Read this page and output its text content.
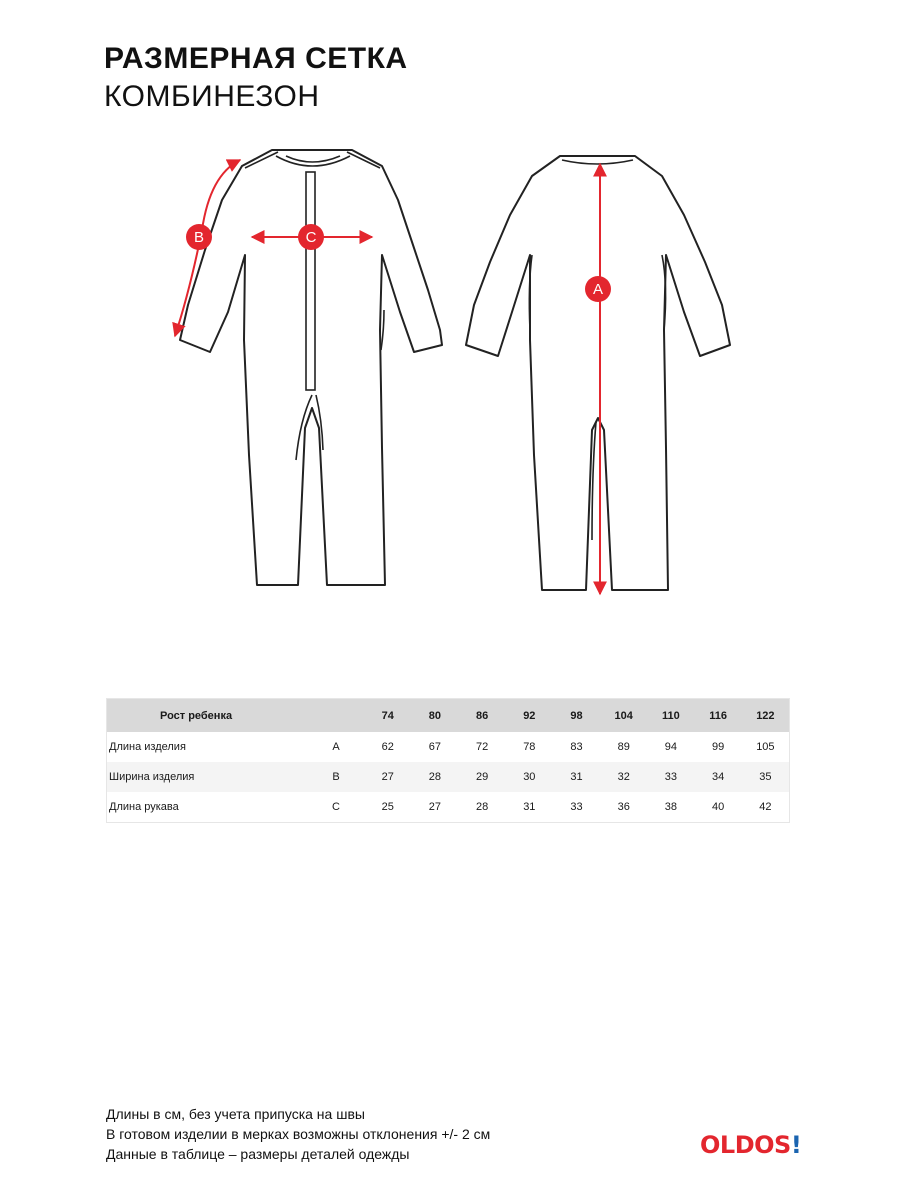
РАЗМЕРНАЯ СЕТКА
КОМБИНЕЗОН
A
B	C
Рост ребенка		74	80	86	92	98	104	110	116	122
Длина изделия	A	62	67	72	78	83	89	94	99	105
Ширина изделия	B	27	28	29	30	31	32	33	34	35
Длина рукава	C	25	27	28	31	33	36	38	40	42
Длины в см, без учета припуска на швы
В готовом изделии в мерках возможны отклонения +/- 2 см
Данные в таблице – размеры деталей одежды	OLDOS!
